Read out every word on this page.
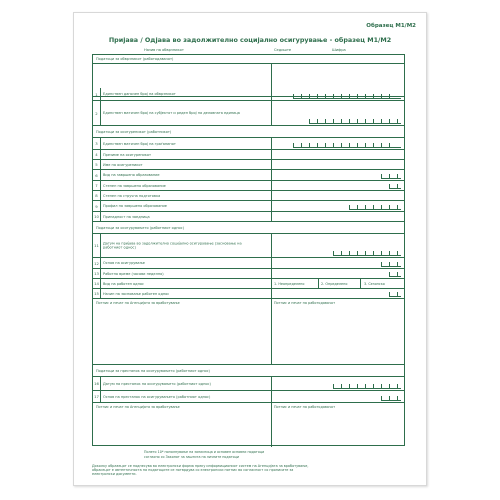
Образец М1/М2
Пријава / Одјава во задолжително социјално осигурување - образец М1/М2
Назив на обврзникот	Седиште	Шифра
Податоци за обврзникот (работодавачот)
1	Единствен даночен број на обврзникот
2	Единствен матичен број на субјектот и реден број на деловната единица
Податоци за осигуреникот (работникот)
3	Единствен матичен број на граѓанинот
4	Презиме на осигуреникот
5	Име на осигуреникот
6	Вид на завршено образование
7	Степен на завршено образование
8	Степен на стручна подготовка
9	Профил на завршено образование
10	Припадност на заедница
Податоци за осигурувањето (работниот однос)
11	Датум на пријава во задолжително социјално осигурување (засновање на работниот однос)
12	Основ на осигурување
13	Работно време (часови неделно)
14	Вид на работен однос	1. Неопределено	2. Определено	3. Сезонско
15	Начин на засновање работен однос
Потпис и печат на Агенцијата за вработување	Потпис и печат на работодавачот
Податоци за престанок на осигурувањето (работниот однос)
16	Датум на престанок на осигурувањето (работниот однос)
17	Основ на престанок на осигурувањето (работниот однос)
Потпис и печат на Агенцијата за вработување	Потпис и печат на работодавачот
Полето 10* пополнување на записница и основен основни податоци
согласно со Законот за заштита на личните податоци
Доколку образецот се поднесува во електронски форма преку информациониот систем на Агенцијата за вработување,
обрасецот е автентичноста на податоците се потврдува со електронски потпис во согласност со прописите за
електронски документи.
